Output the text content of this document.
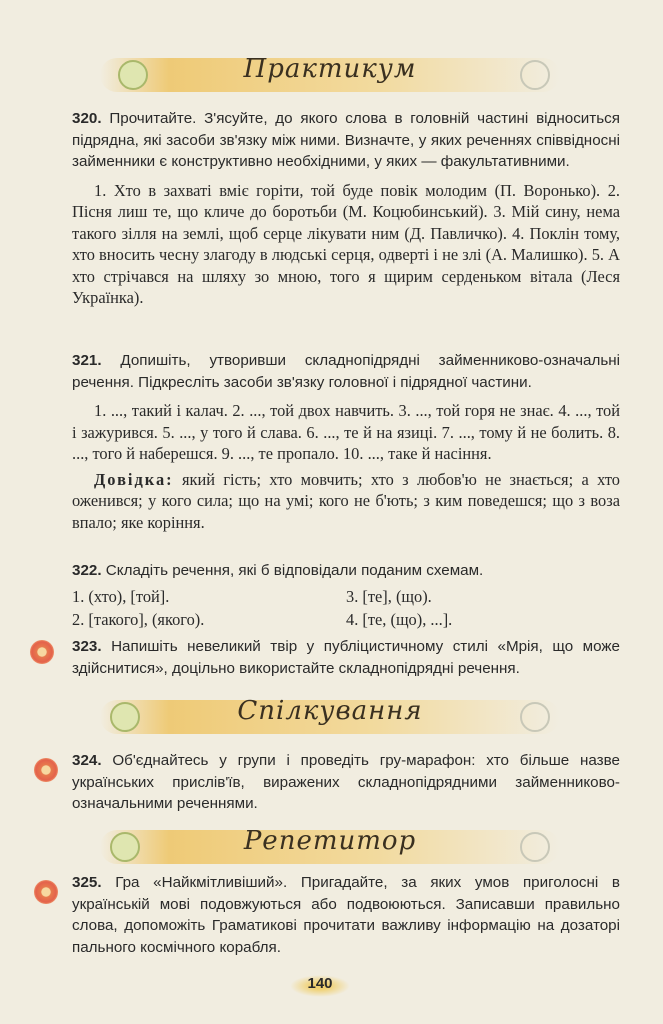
Практикум

320. Прочитайте. З'ясуйте, до якого слова в головній частині відноситься підрядна, які засоби зв'язку між ними. Визначте, у яких реченнях співвідносні займенники є конструктивно необхідними, у яких — факультативними.

1. Хто в захваті вміє горіти, той буде повік молодим (П. Воронько). 2. Пісня лиш те, що кличе до боротьби (М. Коцюбинський). 3. Мій сину, нема такого зілля на землі, щоб серце лікувати ним (Д. Павличко). 4. Поклін тому, хто вносить чесну злагоду в людські серця, одверті і не злі (А. Малишко). 5. А хто стрічався на шляху зо мною, того я щирим серденьком вітала (Леся Українка).

321. Допишіть, утворивши складнопідрядні займенниково-означальні речення. Підкресліть засоби зв'язку головної і підрядної частини.

1. ..., такий і калач. 2. ..., той двох навчить. 3. ..., той горя не знає. 4. ..., той і зажурився. 5. ..., у того й слава. 6. ..., те й на язиці. 7. ..., тому й не болить. 8. ..., того й наберешся. 9. ..., те пропало. 10. ..., таке й насіння.

Довідка: який гість; хто мовчить; хто з любов'ю не знається; а хто оженився; у кого сила; що на умі; кого не б'ють; з ким поведешся; що з воза впало; яке коріння.

322. Складіть речення, які б відповідали поданим схемам.

1. (хто), [той].	3. [те], (що).
2. [такого], (якого).	4. [те, (що), ...].

323. Напишіть невеликий твір у публіцистичному стилі «Мрія, що може здійснитися», доцільно використайте складнопідрядні речення.

Спілкування

324. Об'єднайтесь у групи і проведіть гру-марафон: хто більше назве українських прислів'їв, виражених складнопідрядними займенниково-означальними реченнями.

Репетитор

325. Гра «Найкмітливіший». Пригадайте, за яких умов приголосні в українській мові подовжуються або подвоюються. Записавши правильно слова, допоможіть Граматикові прочитати важливу інформацію на дозаторі пального космічного корабля.

140
